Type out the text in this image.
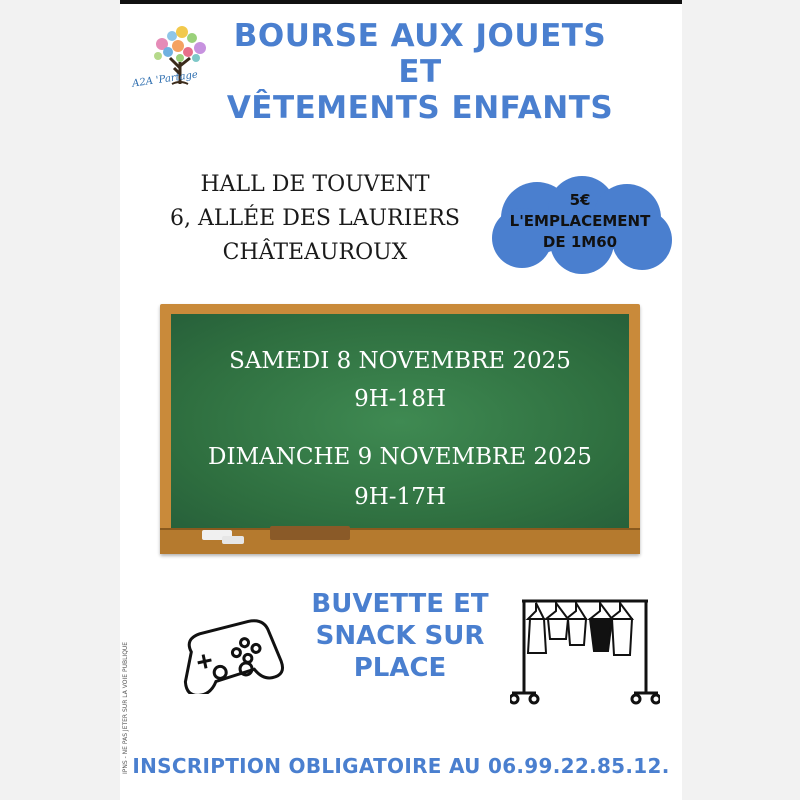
A2A 'Partage
BOURSE AUX JOUETS
ET
VÊTEMENTS ENFANTS
HALL DE TOUVENT
6, ALLÉE DES LAURIERS
CHÂTEAUROUX
5€
L'EMPLACEMENT
DE 1M60
SAMEDI 8 NOVEMBRE 2025
9H-18H
DIMANCHE 9 NOVEMBRE 2025
9H-17H
IPNS - NE PAS JETER SUR LA VOIE PUBLIQUE
BUVETTE ET
SNACK SUR
PLACE
INSCRIPTION OBLIGATOIRE AU 06.99.22.85.12.
